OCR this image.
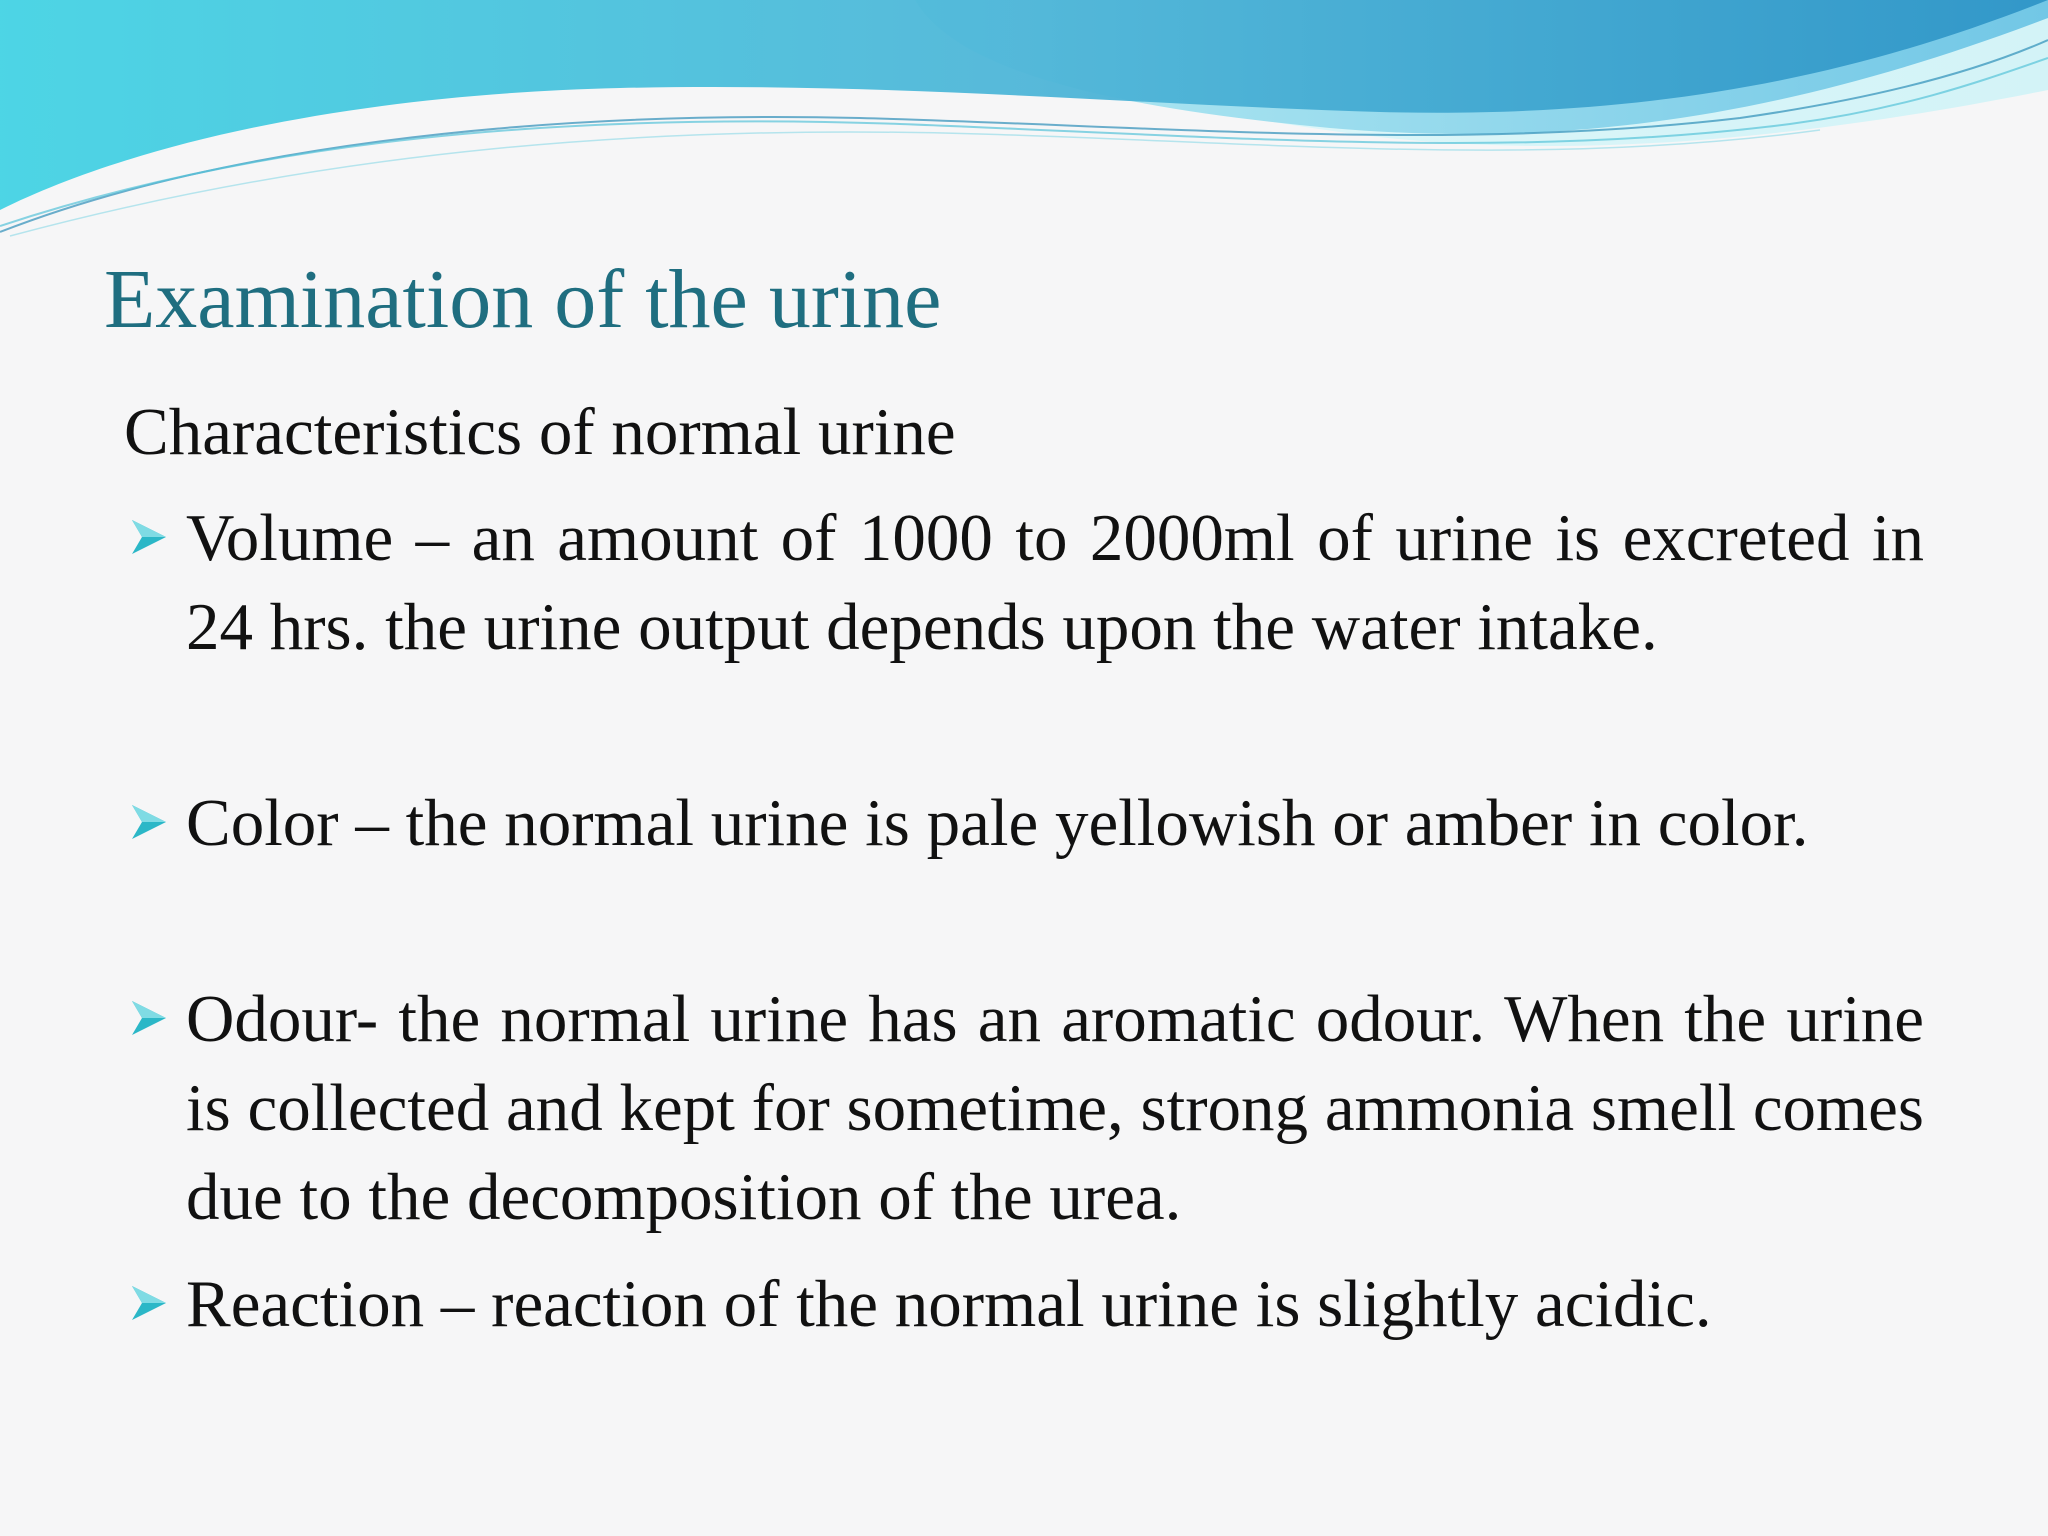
Examination of the urine

Characteristics of normal urine

Volume – an amount of 1000 to 2000ml of urine is excreted in 24 hrs. the urine output depends upon the water intake.

Color – the normal urine is pale yellowish or amber in color.

Odour- the normal urine has an aromatic odour. When the urine is collected and kept for sometime, strong ammonia smell comes due to the decomposition of the urea.

Reaction – reaction of the normal urine is slightly acidic.
